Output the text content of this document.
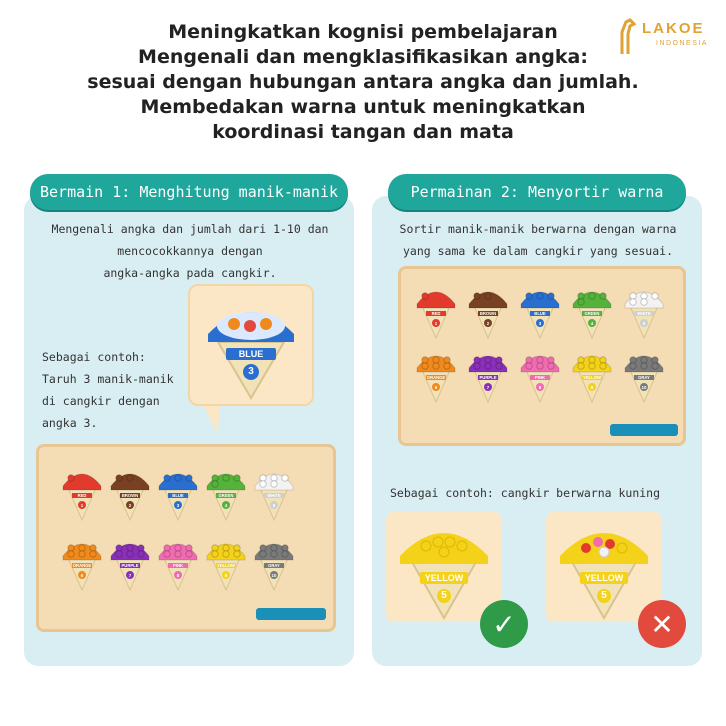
Meningkatkan kognisi pembelajaran
Mengenali dan mengklasifikasikan angka:
sesuai dengan hubungan antara angka dan jumlah.
Membedakan warna untuk meningkatkan
koordinasi tangan dan mata
LAKOE
INDONESIA
Bermain 1: Menghitung manik-manik	Permainan 2: Menyortir warna
Mengenali angka dan jumlah dari 1-10 dan
mencocokkannya dengan
angka-angka pada cangkir.
Sebagai contoh:
Taruh 3 manik-manik
di cangkir dengan
angka 3.
BLUE
3
RED
1
BROWN
2
BLUE
3
GREEN
4
WHITE
5
ORANGE
6
PURPLE
7
PINK
8
YELLOW
9
GRAY
10
Sortir manik-manik berwarna dengan warna
yang sama ke dalam cangkir yang sesuai.
RED
1
BROWN
2
BLUE
3
GREEN
4
WHITE
5
ORANGE
6
PURPLE
7
PINK
8
YELLOW
9
GRAY
10
Sebagai contoh: cangkir berwarna kuning
YELLOW
5
YELLOW
5
✓	✕
